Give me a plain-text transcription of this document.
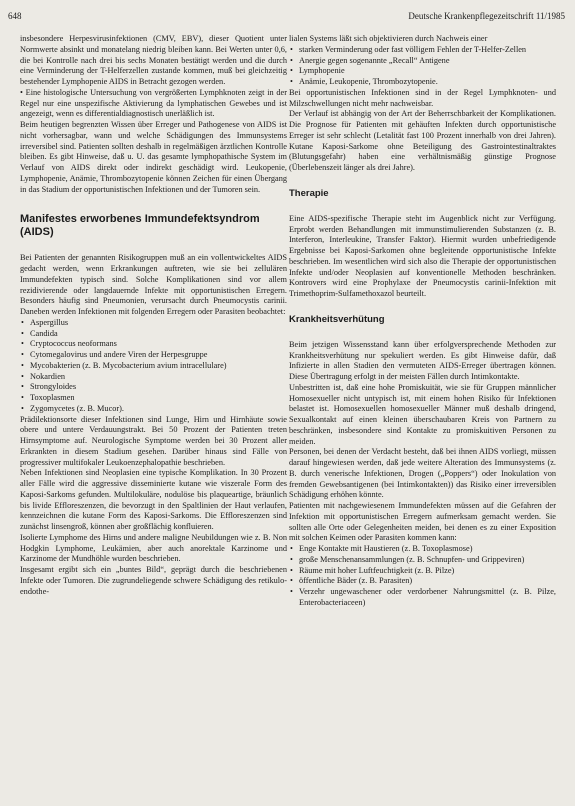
648	Deutsche Krankenpflegezeitschrift 11/1985

insbesondere Herpesvirusinfektionen (CMV, EBV), dieser Quotient unter Normwerte absinkt und monatelang niedrig bleiben kann. Bei Werten unter 0,6, die bei Kontrolle nach drei bis sechs Monaten bestätigt werden und die durch eine Verminderung der T-Helferzellen zustande kommen, muß bei gleichzeitig bestehender Lymphopenie AIDS in Betracht gezogen werden.

• Eine histologische Untersuchung von vergrößerten Lymphknoten zeigt in der Regel nur eine unspezifische Aktivierung da lymphatischen Gewebes und ist angezeigt, wenn es differentialdiagnostisch unerläßlich ist.

Beim heutigen begrenzten Wissen über Erreger und Pathogenese von AIDS ist nicht vorhersagbar, wann und welche Schädigungen des Immunsystems irreversibel sind. Patienten sollten deshalb in regelmäßigen ärztlichen Kontrolle bleiben. Es gibt Hinweise, daß u. U. das gesamte lymphopathische System im Verlauf von AIDS direkt oder indirekt geschädigt wird. Leukopenie, Lymphopenie, Anämie, Thrombozytopenie können Zeichen für einen Übergang in das Stadium der opportunistischen Infektionen und der Tumoren sein.

Manifestes erworbenes Immundefektsyndrom (AIDS)

Bei Patienten der genannten Risikogruppen muß an ein vollentwickeltes AIDS gedacht werden, wenn Erkrankungen auftreten, wie sie bei zellulären Immundefekten typisch sind. Solche Komplikationen sind vor allem rezidivierende oder langdauernde Infekte mit opportunistischen Erregern. Besonders häufig sind Pneumonien, verursacht durch Pneumocystis carinii. Daneben werden Infektionen mit folgenden Erregern oder Parasiten beobachtet:

• Aspergillus
• Candida
• Cryptococcus neoformans
• Cytomegalovirus und andere Viren der Herpesgruppe
• Mycobakterien (z. B. Mycobacterium avium intracellulare)
• Nokardien
• Strongyloides
• Toxoplasmen
• Zygomycetes (z. B. Mucor).

Prädilektionsorte dieser Infektionen sind Lunge, Hirn und Hirnhäute sowie obere und untere Verdauungstrakt. Bei 50 Prozent der Patienten treten Hirnsymptome auf. Neurologische Symptome werden bei 30 Prozent aller Erkrankten in diesem Stadium gesehen. Darüber hinaus sind Fälle von progressiver multifokaler Leukoenzephalopathie beschrieben.

Neben Infektionen sind Neoplasien eine typische Komplikation. In 30 Prozent aller Fälle wird die aggressive disseminierte kutane wie viszerale Form des Kaposi-Sarkoms gefunden. Multilokuläre, nodulöse bis plaqueartige, bräunlich bis livide Effloreszenzen, die bevorzugt in den Spaltlinien der Haut verlaufen, kennzeichnen die kutane Form des Kaposi-Sarkoms. Die Effloreszenzen sind zunächst linsengroß, können aber großflächig konfluieren.

Isolierte Lymphome des Hirns und andere maligne Neubildungen wie z. B. Non Hodgkin Lymphome, Leukämien, aber auch anorektale Karzinome und Karzinome der Mundhöhle wurden beschrieben.

Insgesamt ergibt sich ein „buntes Bild“, geprägt durch die beschriebenen Infekte oder Tumoren. Die zugrundeliegende schwere Schädigung des retikulo-endothe-

lialen Systems läßt sich objektivieren durch Nachweis einer

• starken Verminderung oder fast völligem Fehlen der T-Helfer-Zellen
• Anergie gegen sogenannte „Recall“ Antigene
• Lymphopenie
• Anämie, Leukopenie, Thrombozytopenie.

Bei opportunistischen Infektionen sind in der Regel Lymphknoten- und Milzschwellungen nicht mehr nachweisbar.

Der Verlauf ist abhängig von der Art der Beherrschbarkeit der Komplikationen. Die Prognose für Patienten mit gehäuften Infekten durch opportunistische Erreger ist sehr schlecht (Letalität fast 100 Prozent innerhalb von drei Jahren). Kutane Kaposi-Sarkome ohne Beteiligung des Gastrointestinaltraktes (Blutungsgefahr) haben eine verhältnismäßig günstige Prognose (Überlebenszeit länger als drei Jahre).

Therapie

Eine AIDS-spezifische Therapie steht im Augenblick nicht zur Verfügung. Erprobt werden Behandlungen mit immunstimulierenden Substanzen (z. B. Interferon, Interleukine, Transfer Faktor). Hiermit wurden unbefriedigende Ergebnisse bei Kaposi-Sarkomen ohne begleitende opportunistische Infekte beschrieben. Im wesentlichen wird sich also die Therapie der opportunistischen Infekte und/oder Neoplasien auf konventionelle Methoden beschränken. Kontrovers wird eine Prophylaxe der Pneumocystis carinii-Infektion mit Trimethoprim-Sulfamethoxazol beurteilt.

Krankheitsverhütung

Beim jetzigen Wissensstand kann über erfolgversprechende Methoden zur Krankheitsverhütung nur spekuliert werden. Es gibt Hinweise dafür, daß Infizierte in allen Stadien den vermuteten AIDS-Erreger übertragen können. Diese Übertragung erfolgt in der meisten Fällen durch Intimkontakte.

Unbestritten ist, daß eine hohe Promiskuität, wie sie für Gruppen männlicher Homosexueller nicht untypisch ist, mit einem hohen Risiko für Infektionen belastet ist. Homosexuellen homosexueller Männer muß deshalb dringend, Sexualkontakt auf einen kleinen überschaubaren Kreis von Partnern zu beschränken, insbesondere sind Kontakte zu promiskuitiven Personen zu meiden.

Personen, bei denen der Verdacht besteht, daß bei ihnen AIDS vorliegt, müssen darauf hingewiesen werden, daß jede weitere Alteration des Immunsystems (z. B. durch venerische Infektionen, Drogen („Poppers“) oder Inokulation von fremden Gewebsantigenen (bei Intimkontakten)) das Risiko einer irreversiblen Schädigung erhöhen könnte.

Patienten mit nachgewiesenem Immundefekten müssen auf die Gefahren der Infektion mit opportunistischen Erregern aufmerksam gemacht werden. Sie sollten alle Orte oder Gelegenheiten meiden, bei denen es zu einer Exposition mit solchen Keimen oder Parasiten kommen kann:

• Enge Kontakte mit Haustieren (z. B. Toxoplasmose)
• große Menschenansammlungen (z. B. Schnupfen- und Grippeviren)
• Räume mit hoher Luftfeuchtigkeit (z. B. Pilze)
• öffentliche Bäder (z. B. Parasiten)
• Verzehr ungewaschener oder verdorbener Nahrungsmittel (z. B. Pilze, Enterobacteriaceen)
